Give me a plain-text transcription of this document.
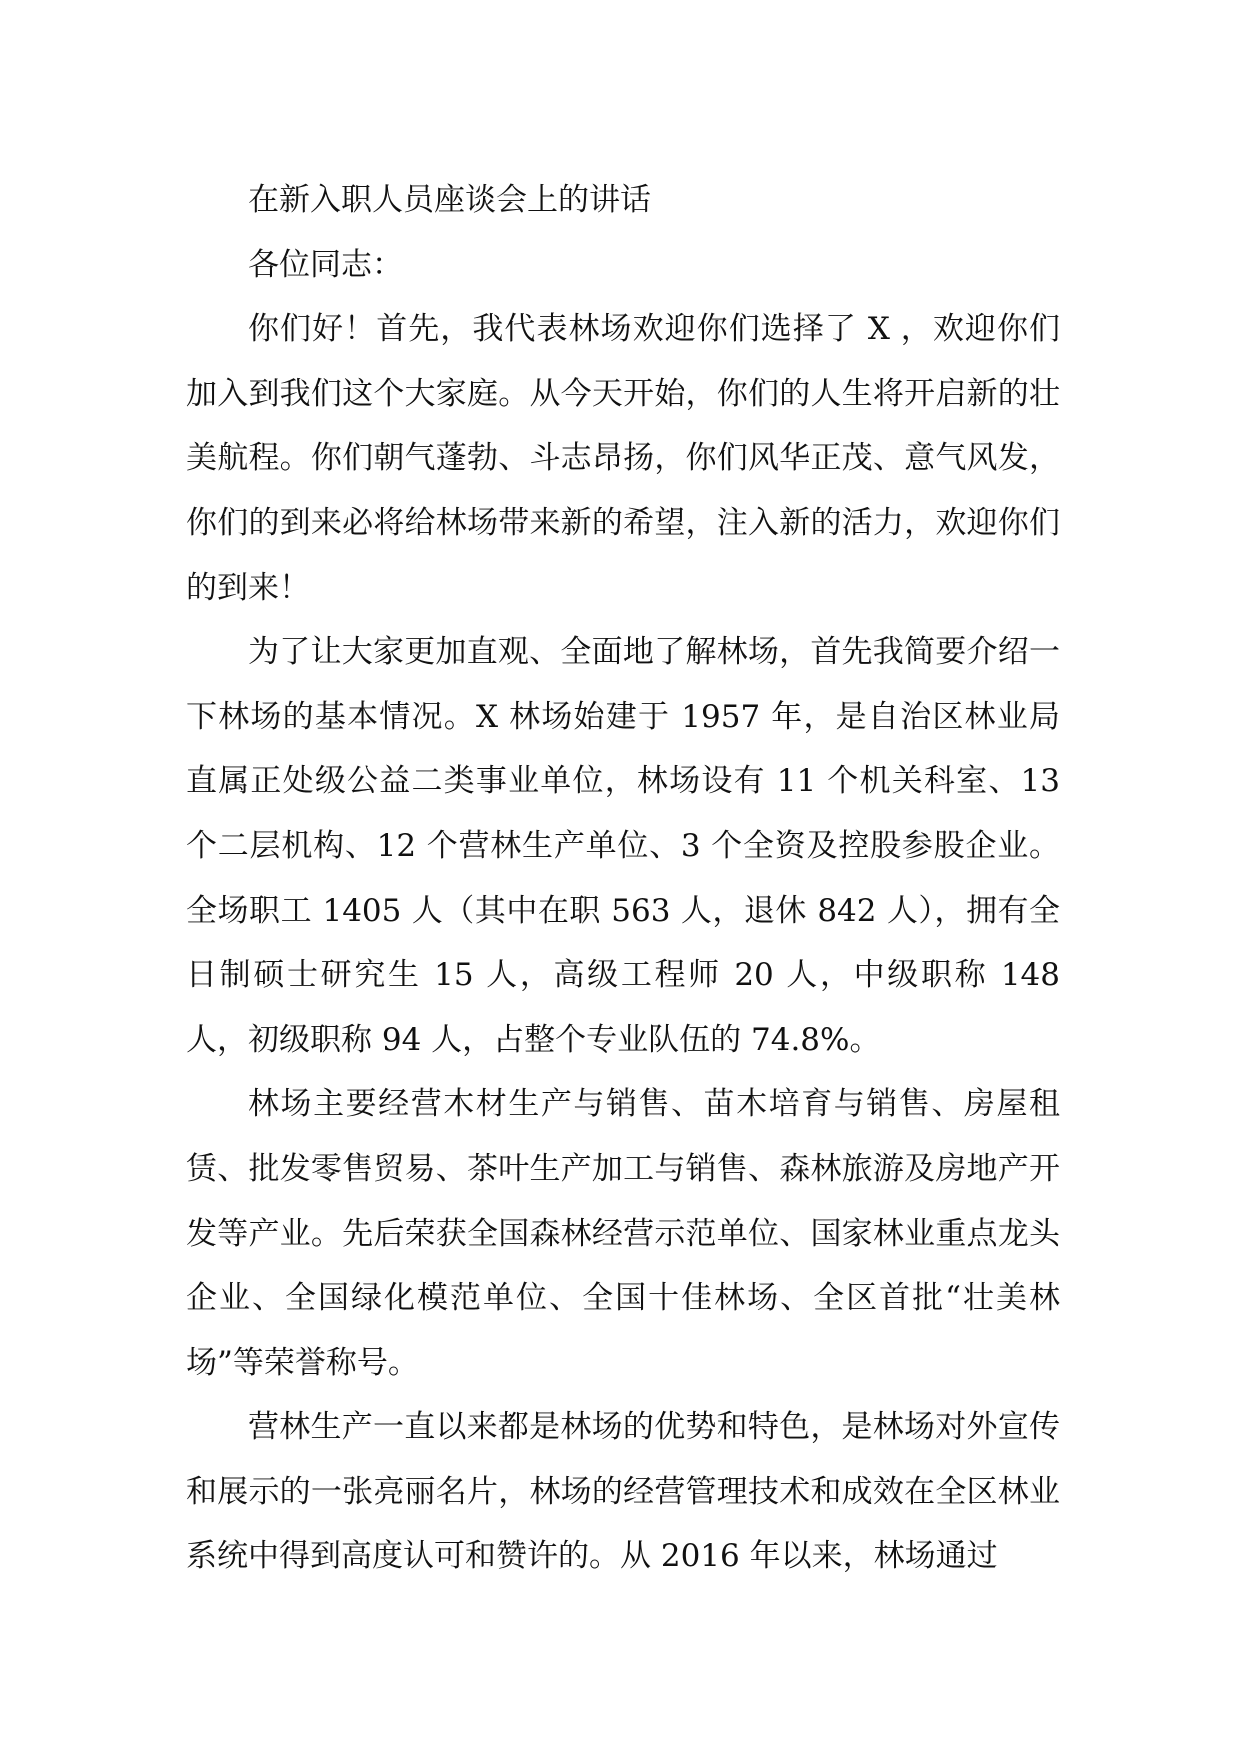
在新入职人员座谈会上的讲话

各位同志：

你们好！首先，我代表林场欢迎你们选择了 X ，欢迎你们加入到我们这个大家庭。从今天开始，你们的人生将开启新的壮美航程。你们朝气蓬勃、斗志昂扬，你们风华正茂、意气风发，你们的到来必将给林场带来新的希望，注入新的活力，欢迎你们的到来！

为了让大家更加直观、全面地了解林场，首先我简要介绍一下林场的基本情况。X 林场始建于 1957 年，是自治区林业局直属正处级公益二类事业单位，林场设有 11 个机关科室、13 个二层机构、12 个营林生产单位、3 个全资及控股参股企业。全场职工 1405 人（其中在职 563 人，退休 842 人），拥有全日制硕士研究生 15 人，高级工程师 20 人，中级职称 148 人，初级职称 94 人，占整个专业队伍的 74.8%。

林场主要经营木材生产与销售、苗木培育与销售、房屋租赁、批发零售贸易、茶叶生产加工与销售、森林旅游及房地产开发等产业。先后荣获全国森林经营示范单位、国家林业重点龙头企业、全国绿化模范单位、全国十佳林场、全区首批“壮美林场”等荣誉称号。

营林生产一直以来都是林场的优势和特色，是林场对外宣传和展示的一张亮丽名片，林场的经营管理技术和成效在全区林业系统中得到高度认可和赞许的。从 2016 年以来，林场通过
